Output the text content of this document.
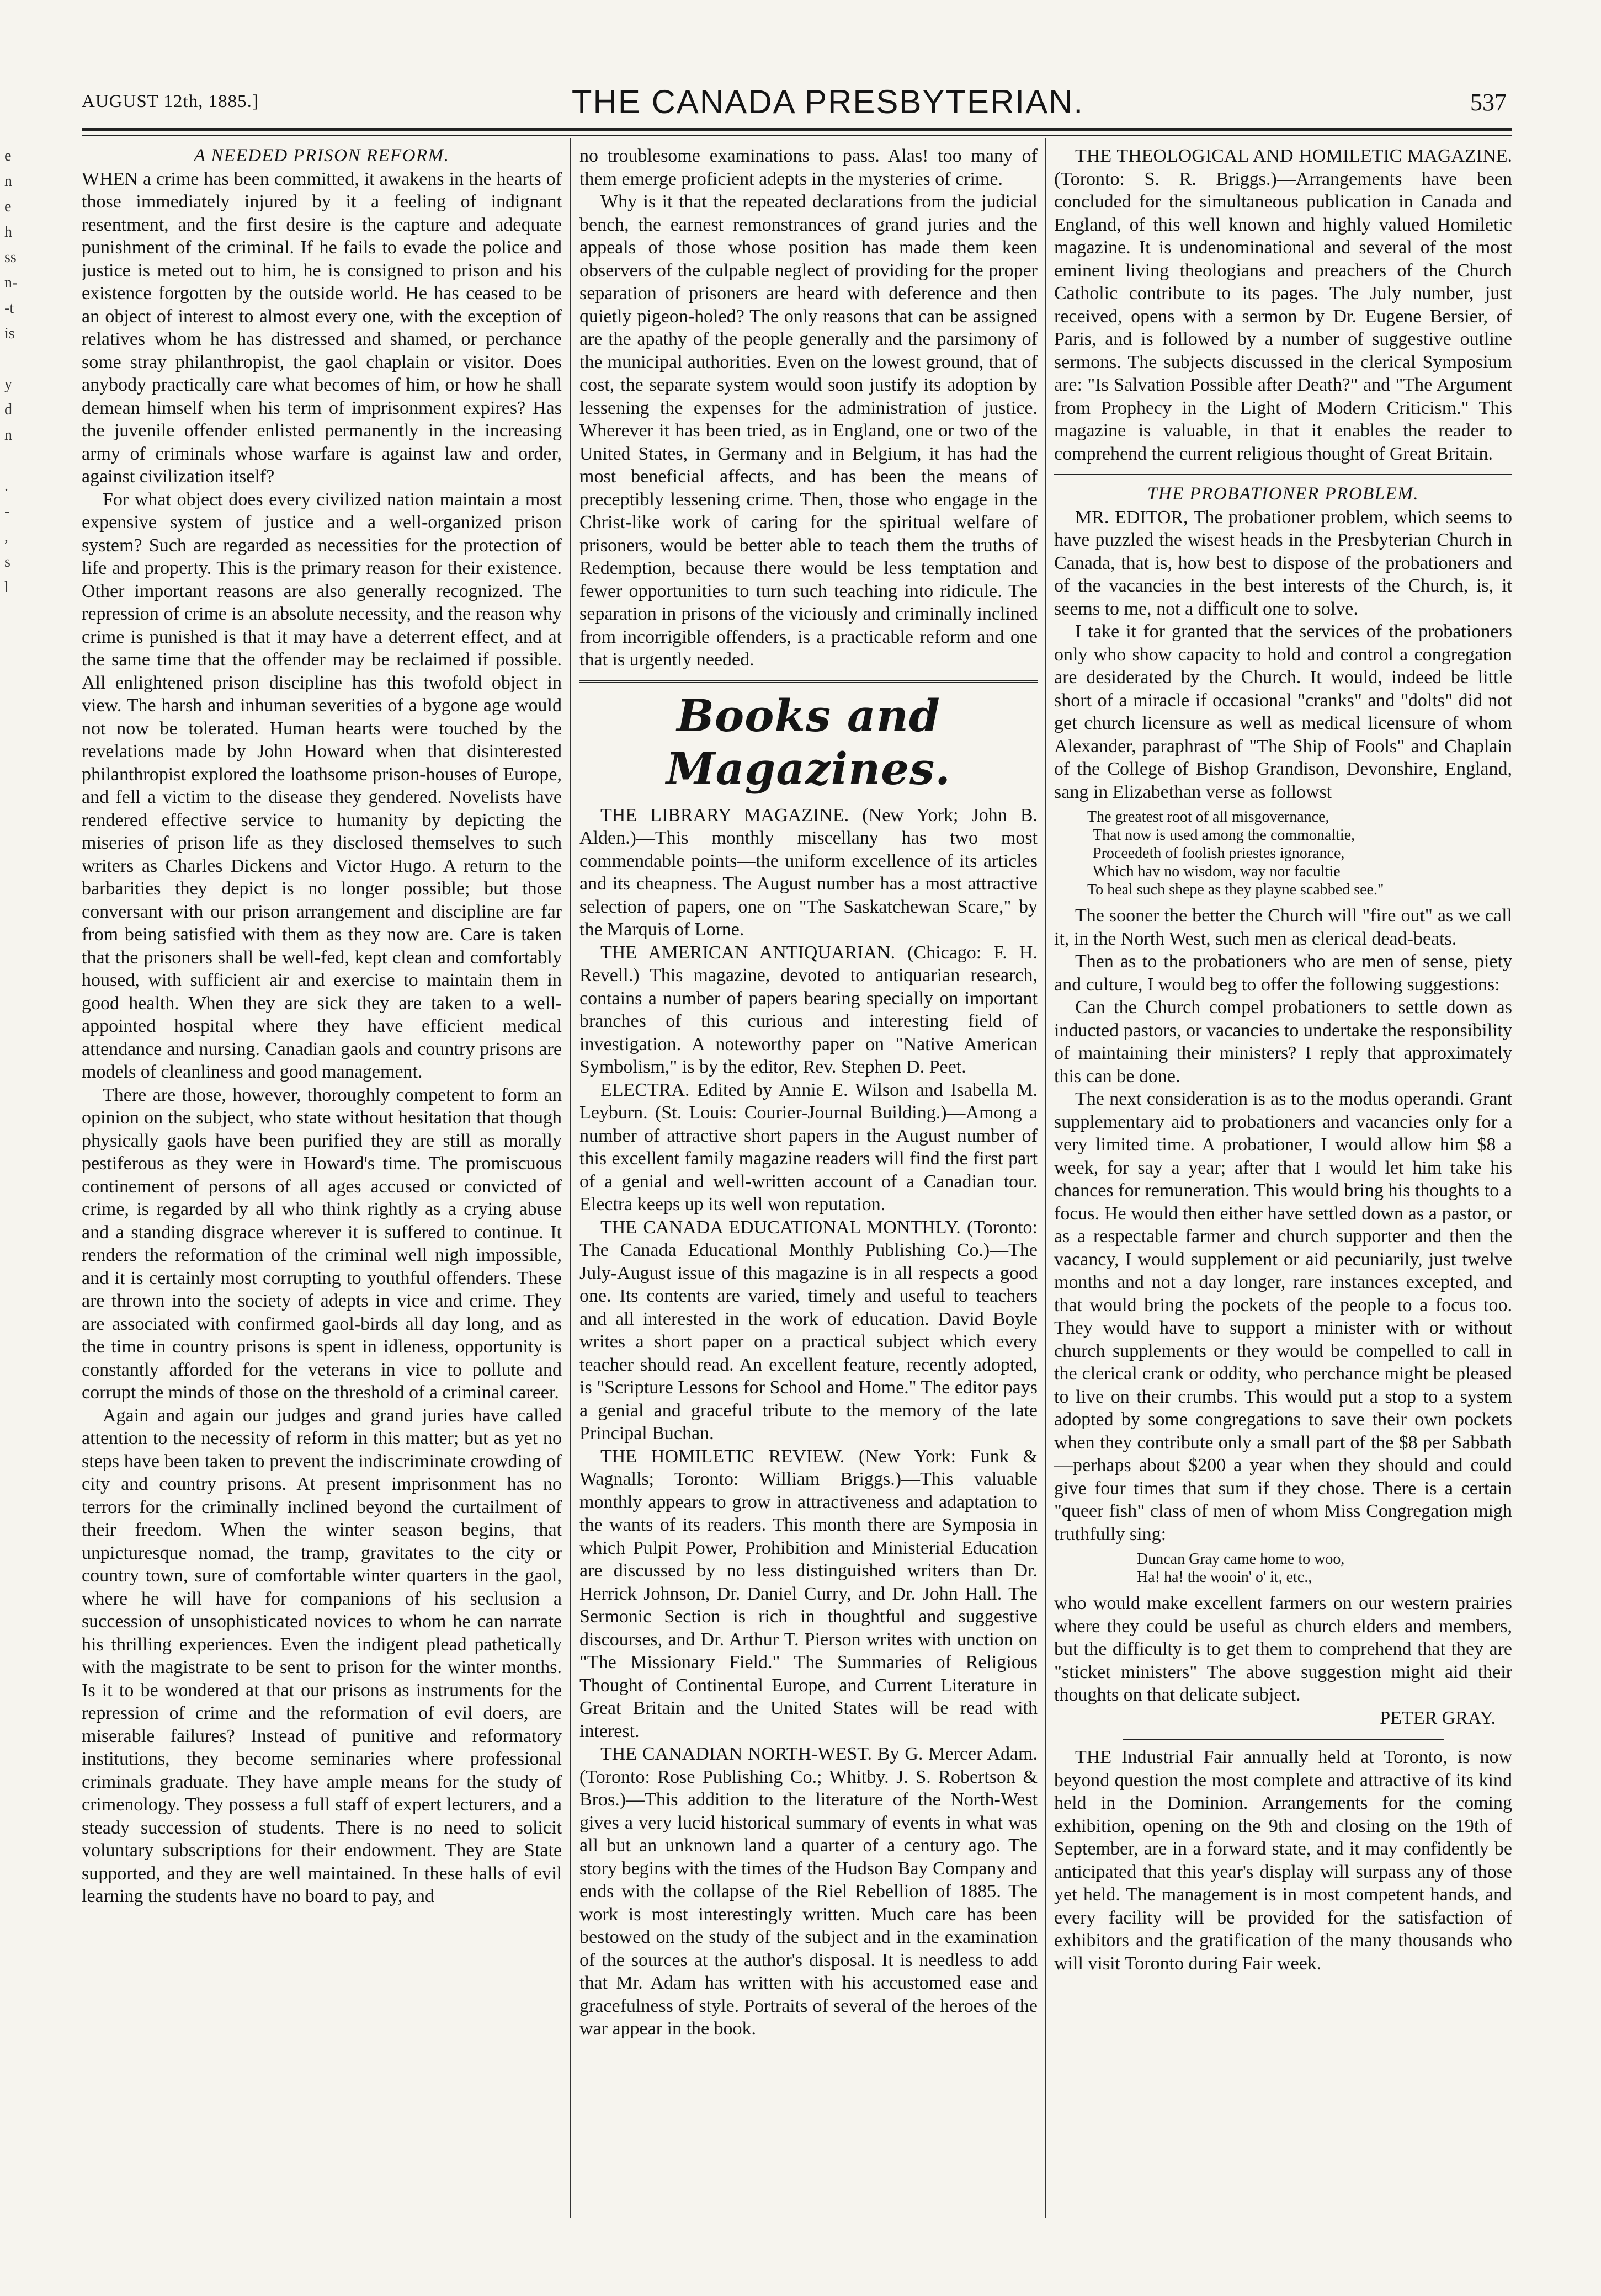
AUGUST 12th, 1885.]	THE CANADA PRESBYTERIAN.	537
e
n
e
h
ss
n-
-t
is

y
d
n

.
-
,
s
l

A NEEDED PRISON REFORM.

WHEN a crime has been committed, it awakens in the hearts of those immediately injured by it a feeling of indignant resentment, and the first desire is the capture and adequate punishment of the criminal. If he fails to evade the police and justice is meted out to him, he is consigned to prison and his existence forgotten by the outside world. He has ceased to be an object of interest to almost every one, with the exception of relatives whom he has distressed and shamed, or perchance some stray philanthropist, the gaol chaplain or visitor. Does anybody practically care what becomes of him, or how he shall demean himself when his term of imprisonment expires? Has the juvenile offender enlisted permanently in the increasing army of criminals whose warfare is against law and order, against civilization itself?

For what object does every civilized nation maintain a most expensive system of justice and a well-organized prison system? Such are regarded as necessities for the protection of life and property. This is the primary reason for their existence. Other important reasons are also generally recognized. The repression of crime is an absolute necessity, and the reason why crime is punished is that it may have a deterrent effect, and at the same time that the offender may be reclaimed if possible. All enlightened prison discipline has this twofold object in view. The harsh and inhuman severities of a bygone age would not now be tolerated. Human hearts were touched by the revelations made by John Howard when that disinterested philanthropist explored the loathsome prison-houses of Europe, and fell a victim to the disease they gendered. Novelists have rendered effective service to humanity by depicting the miseries of prison life as they disclosed themselves to such writers as Charles Dickens and Victor Hugo. A return to the barbarities they depict is no longer possible; but those conversant with our prison arrangement and discipline are far from being satisfied with them as they now are. Care is taken that the prisoners shall be well-fed, kept clean and comfortably housed, with sufficient air and exercise to maintain them in good health. When they are sick they are taken to a well-appointed hospital where they have efficient medical attendance and nursing. Canadian gaols and country prisons are models of cleanliness and good management.

There are those, however, thoroughly competent to form an opinion on the subject, who state without hesitation that though physically gaols have been purified they are still as morally pestiferous as they were in Howard's time. The promiscuous continement of persons of all ages accused or convicted of crime, is regarded by all who think rightly as a crying abuse and a standing disgrace wherever it is suffered to continue. It renders the reformation of the criminal well nigh impossible, and it is certainly most corrupting to youthful offenders. These are thrown into the society of adepts in vice and crime. They are associated with confirmed gaol-birds all day long, and as the time in country prisons is spent in idleness, opportunity is constantly afforded for the veterans in vice to pollute and corrupt the minds of those on the threshold of a criminal career.

Again and again our judges and grand juries have called attention to the necessity of reform in this matter; but as yet no steps have been taken to prevent the indiscriminate crowding of city and country prisons. At present imprisonment has no terrors for the criminally inclined beyond the curtailment of their freedom. When the winter season begins, that unpicturesque nomad, the tramp, gravitates to the city or country town, sure of comfortable winter quarters in the gaol, where he will have for companions of his seclusion a succession of unsophisticated novices to whom he can narrate his thrilling experiences. Even the indigent plead pathetically with the magistrate to be sent to prison for the winter months. Is it to be wondered at that our prisons as instruments for the repression of crime and the reformation of evil doers, are miserable failures? Instead of punitive and reformatory institutions, they become seminaries where professional criminals graduate. They have ample means for the study of crimenology. They possess a full staff of expert lecturers, and a steady succession of students. There is no need to solicit voluntary subscriptions for their endowment. They are State supported, and they are well maintained. In these halls of evil learning the students have no board to pay, and

no troublesome examinations to pass. Alas! too many of them emerge proficient adepts in the mysteries of crime.

Why is it that the repeated declarations from the judicial bench, the earnest remonstrances of grand juries and the appeals of those whose position has made them keen observers of the culpable neglect of providing for the proper separation of prisoners are heard with deference and then quietly pigeon-holed? The only reasons that can be assigned are the apathy of the people generally and the parsimony of the municipal authorities. Even on the lowest ground, that of cost, the separate system would soon justify its adoption by lessening the expenses for the administration of justice. Wherever it has been tried, as in England, one or two of the United States, in Germany and in Belgium, it has had the most beneficial affects, and has been the means of preceptibly lessening crime. Then, those who engage in the Christ-like work of caring for the spiritual welfare of prisoners, would be better able to teach them the truths of Redemption, because there would be less temptation and fewer opportunities to turn such teaching into ridicule. The separation in prisons of the viciously and criminally inclined from incorrigible offenders, is a practicable reform and one that is urgently needed.

Books and Magazines.

THE LIBRARY MAGAZINE. (New York; John B. Alden.)—This monthly miscellany has two most commendable points—the uniform excellence of its articles and its cheapness. The August number has a most attractive selection of papers, one on "The Saskatchewan Scare," by the Marquis of Lorne.

THE AMERICAN ANTIQUARIAN. (Chicago: F. H. Revell.) This magazine, devoted to antiquarian research, contains a number of papers bearing specially on important branches of this curious and interesting field of investigation. A noteworthy paper on "Native American Symbolism," is by the editor, Rev. Stephen D. Peet.

ELECTRA. Edited by Annie E. Wilson and Isabella M. Leyburn. (St. Louis: Courier-Journal Building.)—Among a number of attractive short papers in the August number of this excellent family magazine readers will find the first part of a genial and well-written account of a Canadian tour. Electra keeps up its well won reputation.

THE CANADA EDUCATIONAL MONTHLY. (Toronto: The Canada Educational Monthly Publishing Co.)—The July-August issue of this magazine is in all respects a good one. Its contents are varied, timely and useful to teachers and all interested in the work of education. David Boyle writes a short paper on a practical subject which every teacher should read. An excellent feature, recently adopted, is "Scripture Lessons for School and Home." The editor pays a genial and graceful tribute to the memory of the late Principal Buchan.

THE HOMILETIC REVIEW. (New York: Funk & Wagnalls; Toronto: William Briggs.)—This valuable monthly appears to grow in attractiveness and adaptation to the wants of its readers. This month there are Symposia in which Pulpit Power, Prohibition and Ministerial Education are discussed by no less distinguished writers than Dr. Herrick Johnson, Dr. Daniel Curry, and Dr. John Hall. The Sermonic Section is rich in thoughtful and suggestive discourses, and Dr. Arthur T. Pierson writes with unction on "The Missionary Field." The Summaries of Religious Thought of Continental Europe, and Current Literature in Great Britain and the United States will be read with interest.

THE CANADIAN NORTH-WEST. By G. Mercer Adam. (Toronto: Rose Publishing Co.; Whitby. J. S. Robertson & Bros.)—This addition to the literature of the North-West gives a very lucid historical summary of events in what was all but an unknown land a quarter of a century ago. The story begins with the times of the Hudson Bay Company and ends with the collapse of the Riel Rebellion of 1885. The work is most interestingly written. Much care has been bestowed on the study of the subject and in the examination of the sources at the author's disposal. It is needless to add that Mr. Adam has written with his accustomed ease and gracefulness of style. Portraits of several of the heroes of the war appear in the book.

THE THEOLOGICAL AND HOMILETIC MAGAZINE. (Toronto: S. R. Briggs.)—Arrangements have been concluded for the simultaneous publication in Canada and England, of this well known and highly valued Homiletic magazine. It is undenominational and several of the most eminent living theologians and preachers of the Church Catholic contribute to its pages. The July number, just received, opens with a sermon by Dr. Eugene Bersier, of Paris, and is followed by a number of suggestive outline sermons. The subjects discussed in the clerical Symposium are: "Is Salvation Possible after Death?" and "The Argument from Prophecy in the Light of Modern Criticism." This magazine is valuable, in that it enables the reader to comprehend the current religious thought of Great Britain.

THE PROBATIONER PROBLEM.

MR. EDITOR, The probationer problem, which seems to have puzzled the wisest heads in the Presbyterian Church in Canada, that is, how best to dispose of the probationers and of the vacancies in the best interests of the Church, is, it seems to me, not a difficult one to solve.

I take it for granted that the services of the probationers only who show capacity to hold and control a congregation are desiderated by the Church. It would, indeed be little short of a miracle if occasional "cranks" and "dolts" did not get church licensure as well as medical licensure of whom Alexander, paraphrast of "The Ship of Fools" and Chaplain of the College of Bishop Grandison, Devonshire, England, sang in Elizabethan verse as followst

The greatest root of all misgovernance,
That now is used among the commonaltie,
Proceedeth of foolish priestes ignorance,
Which hav no wisdom, way nor facultie
To heal such shepe as they playne scabbed see."

The sooner the better the Church will "fire out" as we call it, in the North West, such men as clerical dead-beats.

Then as to the probationers who are men of sense, piety and culture, I would beg to offer the following suggestions:

Can the Church compel probationers to settle down as inducted pastors, or vacancies to undertake the responsibility of maintaining their ministers? I reply that approximately this can be done.

The next consideration is as to the modus operandi. Grant supplementary aid to probationers and vacancies only for a very limited time. A probationer, I would allow him $8 a week, for say a year; after that I would let him take his chances for remuneration. This would bring his thoughts to a focus. He would then either have settled down as a pastor, or as a respectable farmer and church supporter and then the vacancy, I would supplement or aid pecuniarily, just twelve months and not a day longer, rare instances excepted, and that would bring the pockets of the people to a focus too. They would have to support a minister with or without church supplements or they would be compelled to call in the clerical crank or oddity, who perchance might be pleased to live on their crumbs. This would put a stop to a system adopted by some congregations to save their own pockets when they contribute only a small part of the $8 per Sabbath—perhaps about $200 a year when they should and could give four times that sum if they chose. There is a certain "queer fish" class of men of whom Miss Congregation migh truthfully sing:

Duncan Gray came home to woo,
Ha! ha! the wooin' o' it, etc.,

who would make excellent farmers on our western prairies where they could be useful as church elders and members, but the difficulty is to get them to comprehend that they are "sticket ministers" The above suggestion might aid their thoughts on that delicate subject.

PETER GRAY.

THE Industrial Fair annually held at Toronto, is now beyond question the most complete and attractive of its kind held in the Dominion. Arrangements for the coming exhibition, opening on the 9th and closing on the 19th of September, are in a forward state, and it may confidently be anticipated that this year's display will surpass any of those yet held. The management is in most competent hands, and every facility will be provided for the satisfaction of exhibitors and the gratification of the many thousands who will visit Toronto during Fair week.
